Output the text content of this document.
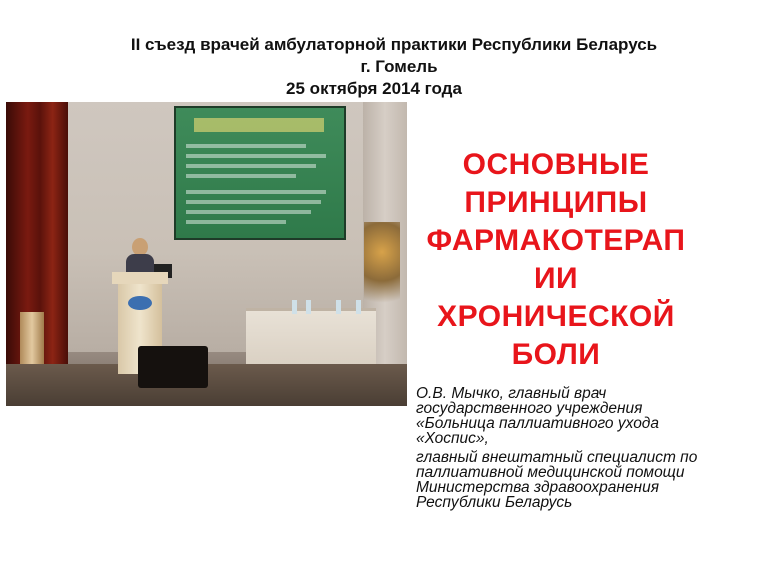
II съезд врачей амбулаторной практики Республики Беларусь
г. Гомель
25 октября 2014 года
ОСНОВНЫЕ
ПРИНЦИПЫ
ФАРМАКОТЕРАП
ИИ
ХРОНИЧЕСКОЙ
БОЛИ
О.В. Мычко, главный врач
государственного учреждения
«Больница паллиативного ухода
«Хоспис»,
главный внештатный специалист по
паллиативной медицинской помощи
Министерства здравоохранения
Республики Беларусь
